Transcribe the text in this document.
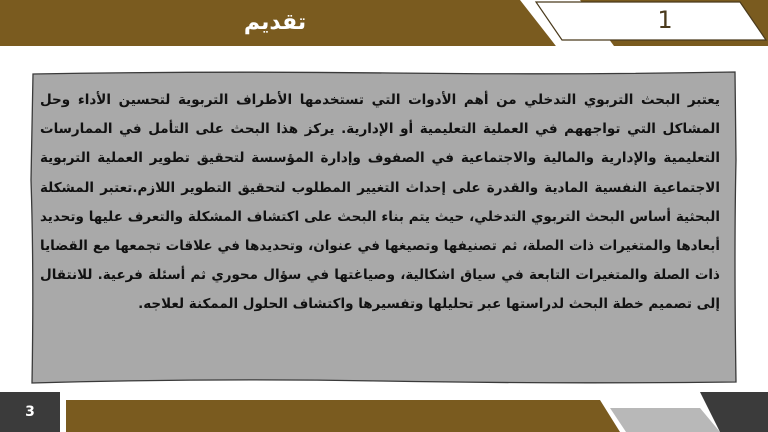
تقديم	1
يعتبر البحث التربوي التدخلي من أهم الأدوات التي تستخدمها الأطراف التربوية لتحسين الأداء وحل المشاكل التي تواجههم في العملية التعليمية أو الإدارية. يركز هذا البحث على التأمل في الممارسات التعليمية والإدارية والمالية والاجتماعية في الصفوف وإدارة المؤسسة لتحقيق تطوير العملية التربوية الاجتماعية النفسية المادية والقدرة على إحداث التغيير المطلوب لتحقيق التطوير اللازم.تعتبر المشكلة البحثية أساس البحث التربوي التدخلي، حيث يتم بناء البحث على اكتشاف المشكلة والتعرف عليها وتحديد أبعادها والمتغيرات ذات الصلة، ثم تصنيفها وتصيغها في عنوان، وتحديدها في علاقات تجمعها مع القضايا ذات الصلة والمتغيرات التابعة في سياق اشكالية، وصياغتها في سؤال محوري ثم أسئلة فرعية. للانتقال إلى تصميم خطة البحث لدراستها عبر تحليلها وتفسيرها واكتشاف الحلول الممكنة لعلاجه.
3
